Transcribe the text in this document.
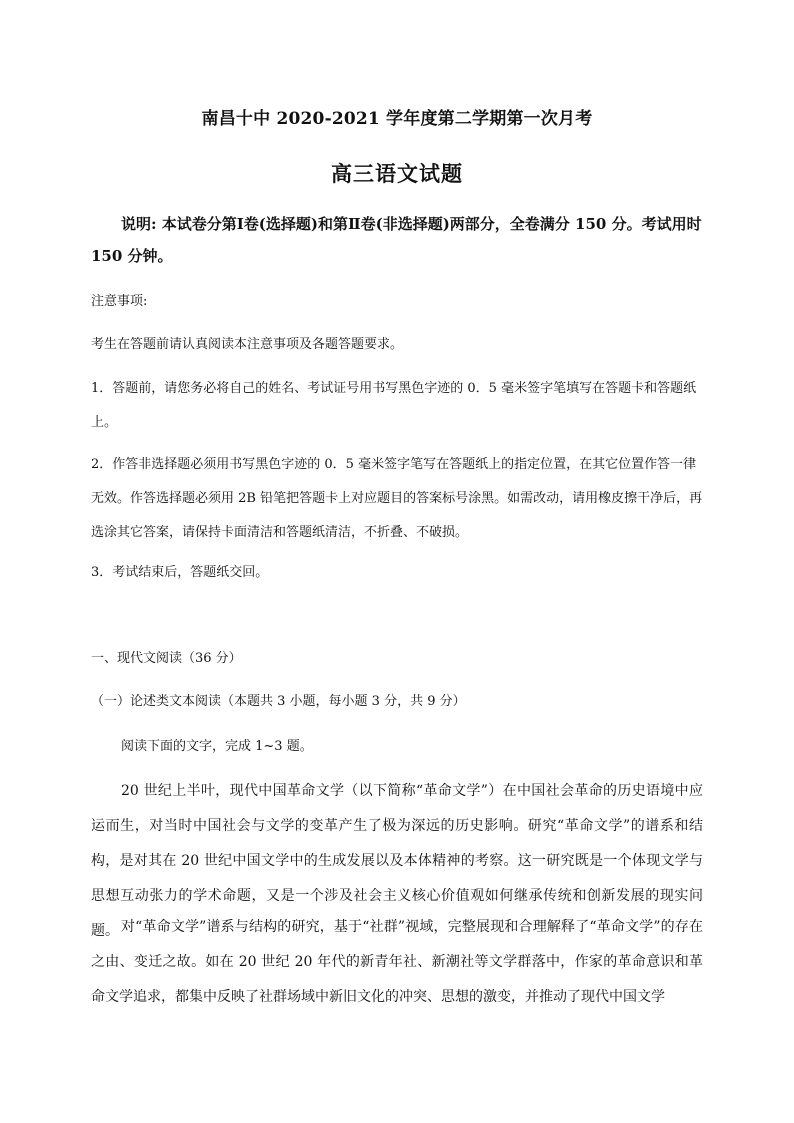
南昌十中 2020-2021 学年度第二学期第一次月考
高三语文试题

说明: 本试卷分第Ⅰ卷(选择题)和第Ⅱ卷(非选择题)两部分，全卷满分 150 分。考试用时 150 分钟。

注意事项:

考生在答题前请认真阅读本注意事项及各题答题要求。

1．答题前，请您务必将自己的姓名、考试证号用书写黑色字迹的 0．5 毫米签字笔填写在答题卡和答题纸上。

2．作答非选择题必须用书写黑色字迹的 0．5 毫米签字笔写在答题纸上的指定位置，在其它位置作答一律无效。作答选择题必须用 2B 铅笔把答题卡上对应题目的答案标号涂黑。如需改动，请用橡皮擦干净后，再选涂其它答案，请保持卡面清洁和答题纸清洁，不折叠、不破损。

3．考试结束后，答题纸交回。

一、现代文阅读（36 分）

（一）论述类文本阅读（本题共 3 小题，每小题 3 分，共 9 分）

阅读下面的文字，完成 1~3 题。

20 世纪上半叶，现代中国革命文学（以下简称“革命文学”）在中国社会革命的历史语境中应运而生，对当时中国社会与文学的变革产生了极为深远的历史影响。研究“革命文学”的谱系和结构，是对其在 20 世纪中国文学中的生成发展以及本体精神的考察。这一研究既是一个体现文学与思想互动张力的学术命题，又是一个涉及社会主义核心价值观如何继承传统和创新发展的现实问题。 对“革命文学”谱系与结构的研究，基于“社群”视域，完整展现和合理解释了“革命文学”的存在之由、变迁之故。如在 20 世纪 20 年代的新青年社、新潮社等文学群落中，作家的革命意识和革命文学追求，都集中反映了社群场域中新旧文化的冲突、思想的激变，并推动了现代中国文学
